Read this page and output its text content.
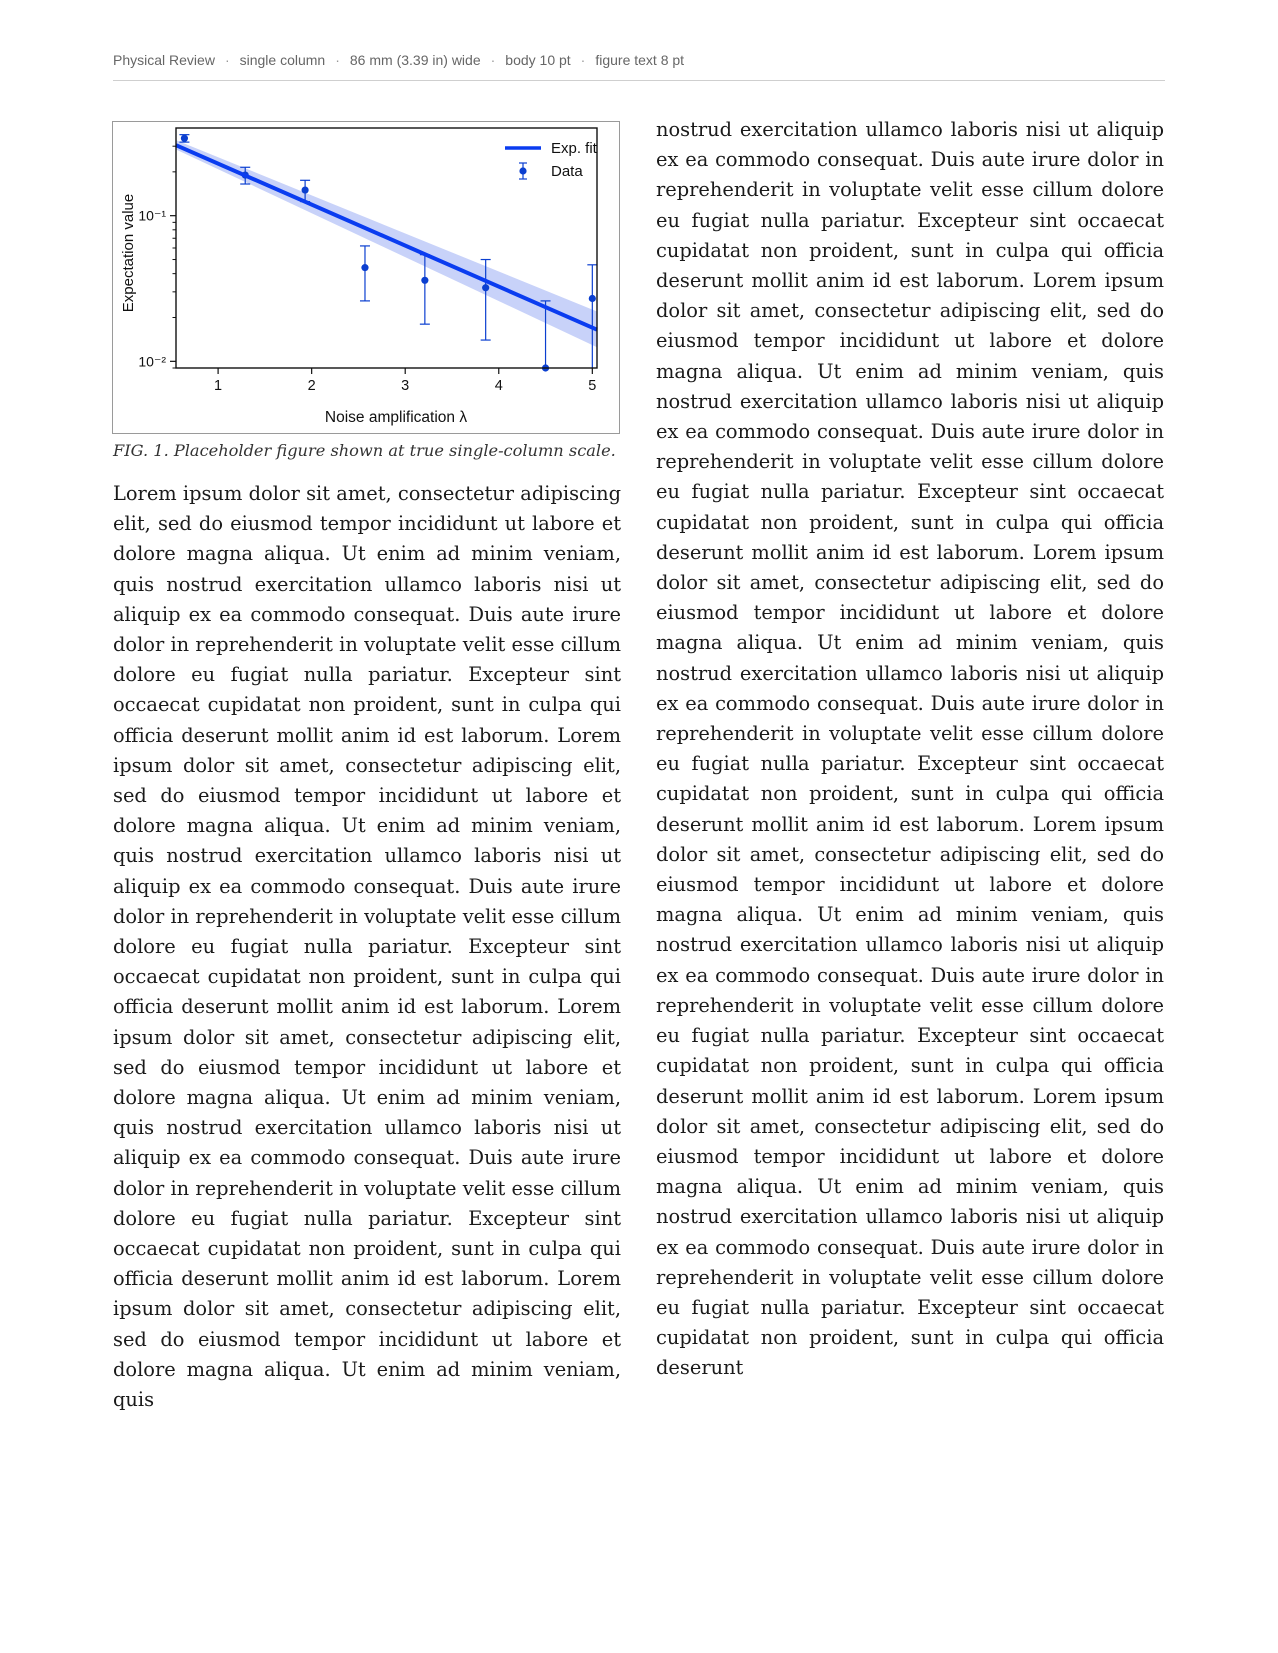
Physical Review · single column · 86 mm (3.39 in) wide · body 10 pt · figure text 8 pt
1	2	3	4	5
10⁻²
10⁻¹
Exp. fit
Data
Noise amplification λ
Expectation value
FIG. 1. Placeholder figure shown at true single-column scale.
Lorem ipsum dolor sit amet, consectetur adipiscing elit, sed do eiusmod tempor incididunt ut labore et dolore magna aliqua. Ut enim ad minim veniam, quis nostrud exercitation ullamco laboris nisi ut aliquip ex ea commodo consequat. Duis aute irure dolor in reprehenderit in voluptate velit esse cillum dolore eu fugiat nulla pariatur. Excepteur sint occaecat cupidatat non proident, sunt in culpa qui officia deserunt mollit anim id est laborum. Lorem ipsum dolor sit amet, consectetur adipiscing elit, sed do eiusmod tempor incididunt ut labore et dolore magna aliqua. Ut enim ad minim veniam, quis nostrud exercitation ullamco laboris nisi ut aliquip ex ea commodo consequat. Duis aute irure dolor in reprehenderit in voluptate velit esse cillum dolore eu fugiat nulla pariatur. Excepteur sint occaecat cupidatat non proident, sunt in culpa qui officia deserunt mollit anim id est laborum. Lorem ipsum dolor sit amet, consectetur adipiscing elit, sed do eiusmod tempor incididunt ut labore et dolore magna aliqua. Ut enim ad minim veniam, quis nostrud exercitation ullamco laboris nisi ut aliquip ex ea commodo consequat. Duis aute irure dolor in reprehenderit in voluptate velit esse cillum dolore eu fugiat nulla pariatur. Excepteur sint occaecat cupidatat non proident, sunt in culpa qui officia deserunt mollit anim id est laborum. Lorem ipsum dolor sit amet, consectetur adipiscing elit, sed do eiusmod tempor incididunt ut labore et dolore magna aliqua. Ut enim ad minim veniam, quis
nostrud exercitation ullamco laboris nisi ut aliquip ex ea commodo consequat. Duis aute irure dolor in reprehenderit in voluptate velit esse cillum dolore eu fugiat nulla pariatur. Excepteur sint occaecat cupidatat non proident, sunt in culpa qui officia deserunt mollit anim id est laborum. Lorem ipsum dolor sit amet, consectetur adipiscing elit, sed do eiusmod tempor incididunt ut labore et dolore magna aliqua. Ut enim ad minim veniam, quis nostrud exercitation ullamco laboris nisi ut aliquip ex ea commodo consequat. Duis aute irure dolor in reprehenderit in voluptate velit esse cillum dolore eu fugiat nulla pariatur. Excepteur sint occaecat cupidatat non proident, sunt in culpa qui officia deserunt mollit anim id est laborum. Lorem ipsum dolor sit amet, consectetur adipiscing elit, sed do eiusmod tempor incididunt ut labore et dolore magna aliqua. Ut enim ad minim veniam, quis nostrud exercitation ullamco laboris nisi ut aliquip ex ea commodo consequat. Duis aute irure dolor in reprehenderit in voluptate velit esse cillum dolore eu fugiat nulla pariatur. Excepteur sint occaecat cupidatat non proident, sunt in culpa qui officia deserunt mollit anim id est laborum. Lorem ipsum dolor sit amet, consectetur adipiscing elit, sed do eiusmod tempor incididunt ut labore et dolore magna aliqua. Ut enim ad minim veniam, quis nostrud exercitation ullamco laboris nisi ut aliquip ex ea commodo consequat. Duis aute irure dolor in reprehenderit in voluptate velit esse cillum dolore eu fugiat nulla pariatur. Excepteur sint occaecat cupidatat non proident, sunt in culpa qui officia deserunt mollit anim id est laborum. Lorem ipsum dolor sit amet, consectetur adipiscing elit, sed do eiusmod tempor incididunt ut labore et dolore magna aliqua. Ut enim ad minim veniam, quis nostrud exercitation ullamco laboris nisi ut aliquip ex ea commodo consequat. Duis aute irure dolor in reprehenderit in voluptate velit esse cillum dolore eu fugiat nulla pariatur. Excepteur sint occaecat cupidatat non proident, sunt in culpa qui officia deserunt
